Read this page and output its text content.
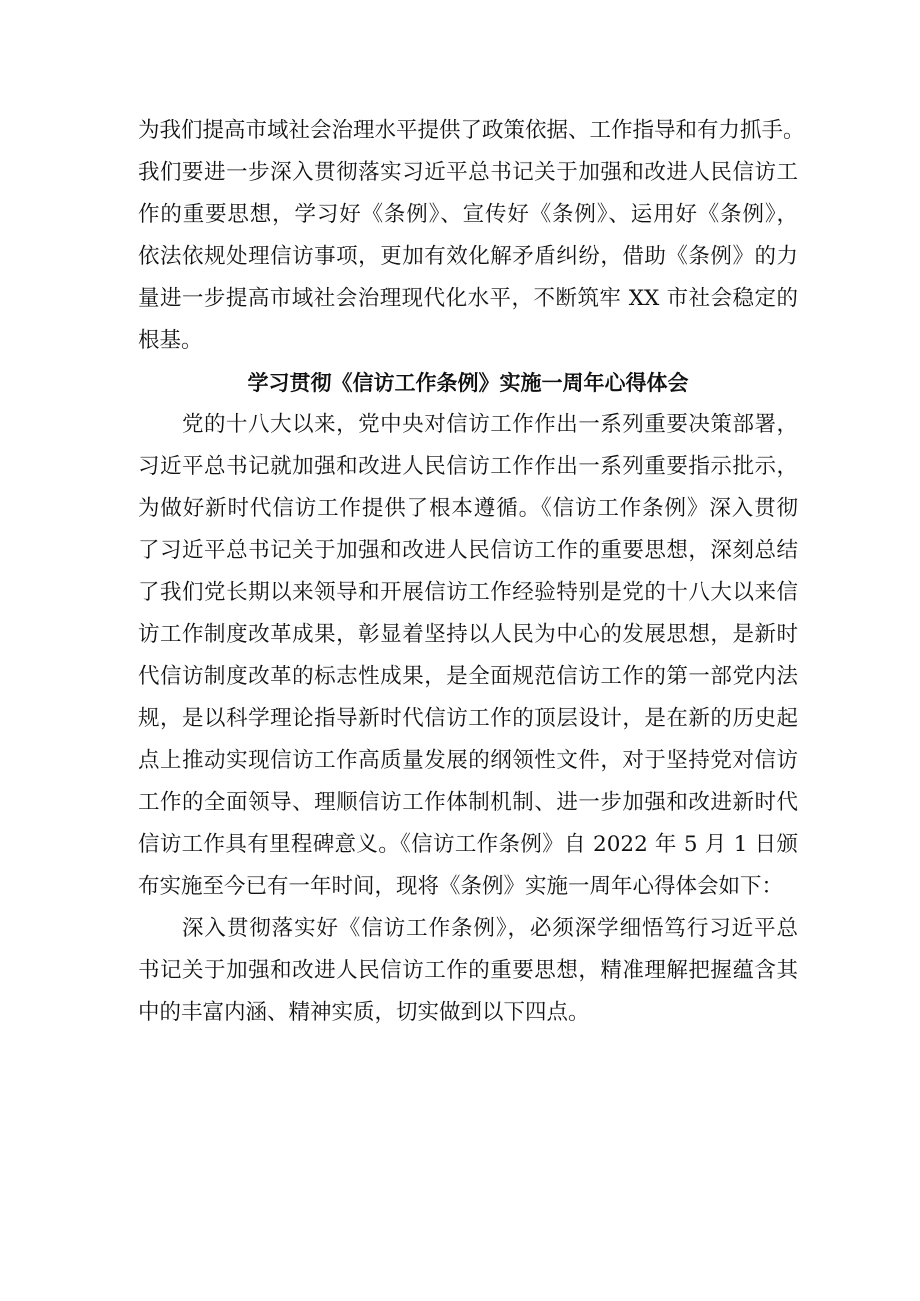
为我们提高市域社会治理水平提供了政策依据、工作指导和有力抓手。
我们要进一步深入贯彻落实习近平总书记关于加强和改进人民信访工
作的重要思想，学习好《条例》、宣传好《条例》、运用好《条例》，
依法依规处理信访事项，更加有效化解矛盾纠纷，借助《条例》的力
量进一步提高市域社会治理现代化水平，不断筑牢 XX 市社会稳定的
根基。
学习贯彻《信访工作条例》实施一周年心得体会
党的十八大以来，党中央对信访工作作出一系列重要决策部署，
习近平总书记就加强和改进人民信访工作作出一系列重要指示批示，
为做好新时代信访工作提供了根本遵循。《信访工作条例》深入贯彻
了习近平总书记关于加强和改进人民信访工作的重要思想，深刻总结
了我们党长期以来领导和开展信访工作经验特别是党的十八大以来信
访工作制度改革成果，彰显着坚持以人民为中心的发展思想，是新时
代信访制度改革的标志性成果，是全面规范信访工作的第一部党内法
规，是以科学理论指导新时代信访工作的顶层设计，是在新的历史起
点上推动实现信访工作高质量发展的纲领性文件，对于坚持党对信访
工作的全面领导、理顺信访工作体制机制、进一步加强和改进新时代
信访工作具有里程碑意义。《信访工作条例》自 2022 年 5 月 1 日颁
布实施至今已有一年时间，现将《条例》实施一周年心得体会如下：
深入贯彻落实好《信访工作条例》，必须深学细悟笃行习近平总
书记关于加强和改进人民信访工作的重要思想，精准理解把握蕴含其
中的丰富内涵、精神实质，切实做到以下四点。
